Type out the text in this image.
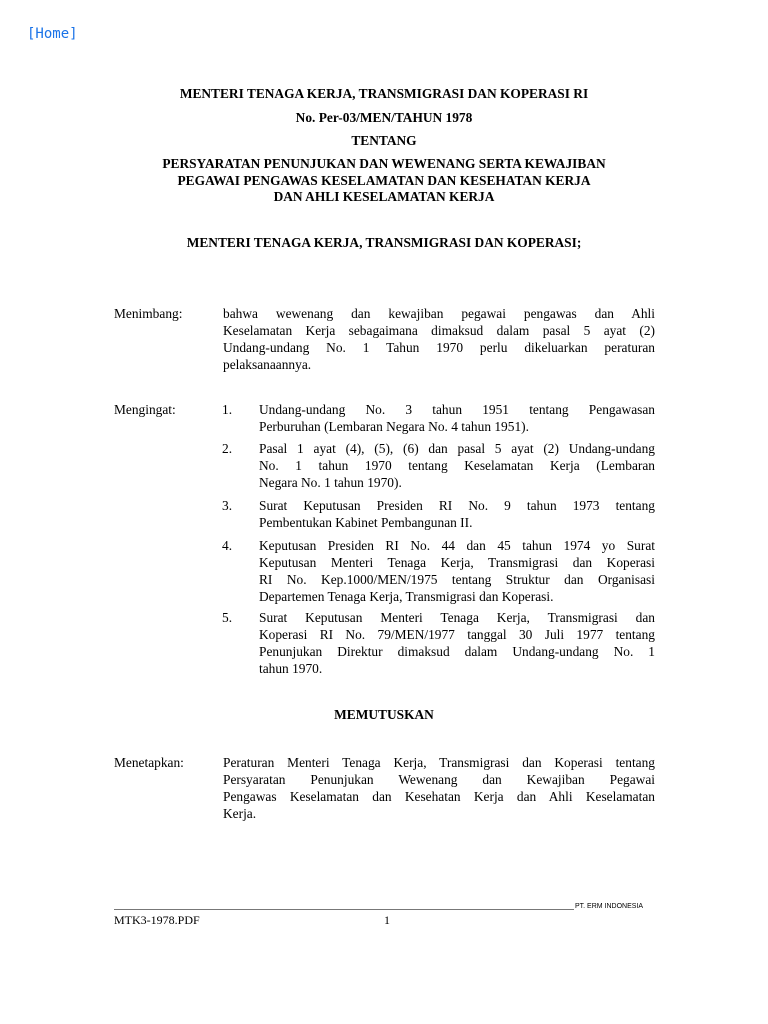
[Home]
MENTERI TENAGA KERJA, TRANSMIGRASI DAN KOPERASI RI
No. Per-03/MEN/TAHUN 1978
TENTANG
PERSYARATAN PENUNJUKAN DAN WEWENANG SERTA KEWAJIBAN
PEGAWAI PENGAWAS KESELAMATAN DAN KESEHATAN KERJA
DAN AHLI KESELAMATAN KERJA
MENTERI TENAGA KERJA, TRANSMIGRASI DAN KOPERASI;
Menimbang:	bahwa wewenang dan kewajiban pegawai pengawas dan Ahli
Keselamatan Kerja sebagaimana dimaksud dalam pasal 5 ayat (2)
Undang-undang No. 1 Tahun 1970 perlu dikeluarkan peraturan
pelaksanaannya.
Mengingat:	1. Undang-undang No. 3 tahun 1951 tentang Pengawasan
Perburuhan (Lembaran Negara No. 4 tahun 1951).
2. Pasal 1 ayat (4), (5), (6) dan pasal 5 ayat (2) Undang-undang
No. 1 tahun 1970 tentang Keselamatan Kerja (Lembaran
Negara No. 1 tahun 1970).
3. Surat Keputusan Presiden RI No. 9 tahun 1973 tentang
Pembentukan Kabinet Pembangunan II.
4. Keputusan Presiden RI No. 44 dan 45 tahun 1974 yo Surat
Keputusan Menteri Tenaga Kerja, Transmigrasi dan Koperasi
RI No. Kep.1000/MEN/1975 tentang Struktur dan Organisasi
Departemen Tenaga Kerja, Transmigrasi dan Koperasi.
5. Surat Keputusan Menteri Tenaga Kerja, Transmigrasi dan
Koperasi RI No. 79/MEN/1977 tanggal 30 Juli 1977 tentang
Penunjukan Direktur dimaksud dalam Undang-undang No. 1
tahun 1970.
MEMUTUSKAN
Menetapkan:	Peraturan Menteri Tenaga Kerja, Transmigrasi dan Koperasi tentang
Persyaratan Penunjukan Wewenang dan Kewajiban Pegawai
Pengawas Keselamatan dan Kesehatan Kerja dan Ahli Keselamatan
Kerja.
PT. ERM INDONESIA
MTK3-1978.PDF	1
